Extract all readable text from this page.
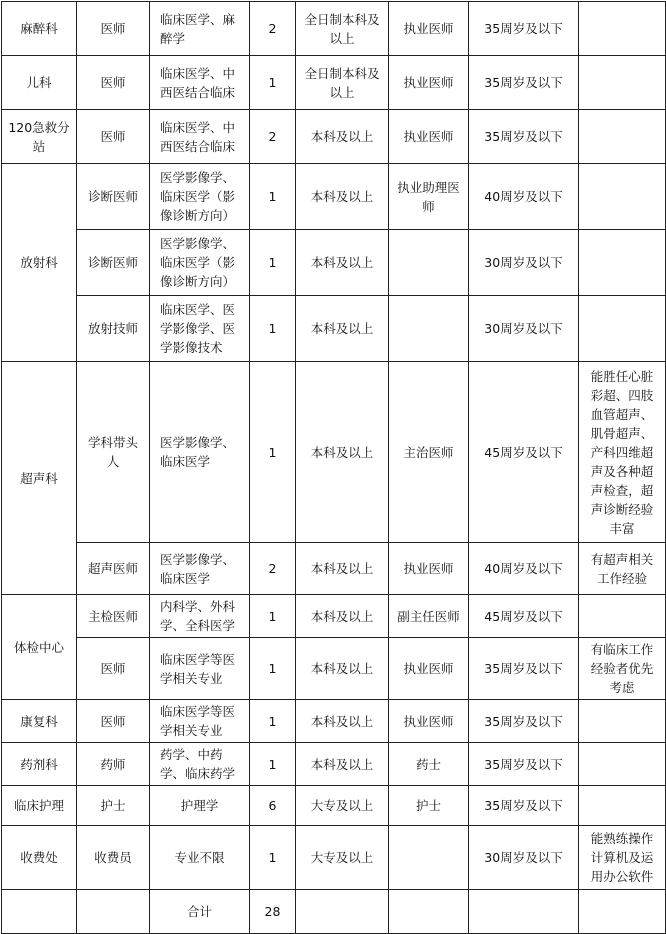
麻醉科	医师	临床医学、麻醉学	2	全日制本科及以上	执业医师	35周岁及以下	
儿科	医师	临床医学、中西医结合临床	1	全日制本科及以上	执业医师	35周岁及以下	
120急救分站	医师	临床医学、中西医结合临床	2	本科及以上	执业医师	35周岁及以下	
放射科	诊断医师	医学影像学、临床医学（影像诊断方向）	1	本科及以上	执业助理医师	40周岁及以下	
	诊断医师	医学影像学、临床医学（影像诊断方向）	1	本科及以上		30周岁及以下	
	放射技师	临床医学、医学影像学、医学影像技术	1	本科及以上		30周岁及以下	
超声科	学科带头人	医学影像学、临床医学	1	本科及以上	主治医师	45周岁及以下	能胜任心脏彩超、四肢血管超声、肌骨超声、产科四维超声及各种超声检查，超声诊断经验丰富
	超声医师	医学影像学、临床医学	2	本科及以上	执业医师	40周岁及以下	有超声相关工作经验
体检中心	主检医师	内科学、外科学、全科医学	1	本科及以上	副主任医师	45周岁及以下	
	医师	临床医学等医学相关专业	1	本科及以上	执业医师	35周岁及以下	有临床工作经验者优先考虑
康复科	医师	临床医学等医学相关专业	1	本科及以上	执业医师	35周岁及以下	
药剂科	药师	药学、中药学、临床药学	1	本科及以上	药士	35周岁及以下	
临床护理	护士	护理学	6	大专及以上	护士	35周岁及以下	
收费处	收费员	专业不限	1	大专及以上		30周岁及以下	能熟练操作计算机及运用办公软件
		合计	28				
